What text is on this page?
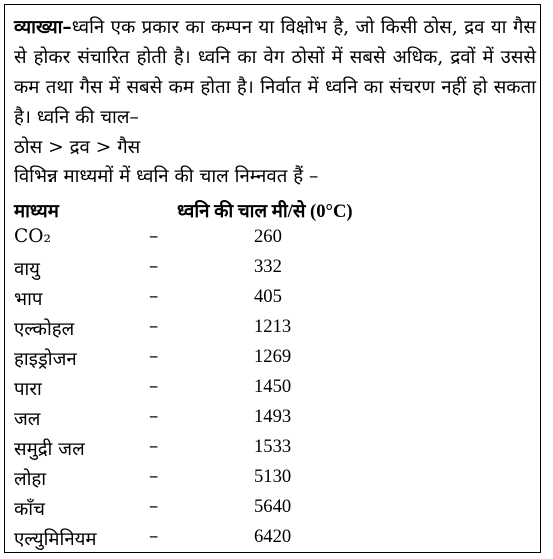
व्याख्या–ध्वनि एक प्रकार का कम्पन या विक्षोभ है, जो किसी ठोस, द्रव या गैस से होकर संचारित होती है। ध्वनि का वेग ठोसों में सबसे अधिक, द्रवों में उससे कम तथा गैस में सबसे कम होता है। निर्वात में ध्वनि का संचरण नहीं हो सकता है। ध्वनि की चाल–

ठोस > द्रव > गैस
विभिन्न माध्यमों में ध्वनि की चाल निम्नवत हैं –
माध्यम	ध्वनि की चाल मी/से (0°C)
CO₂	–	260
वायु	–	332
भाप	–	405
एल्कोहल	–	1213
हाइड्रोजन	–	1269
पारा	–	1450
जल	–	1493
समुद्री जल	–	1533
लोहा	–	5130
काँच	–	5640
एल्युमिनियम	–	6420
